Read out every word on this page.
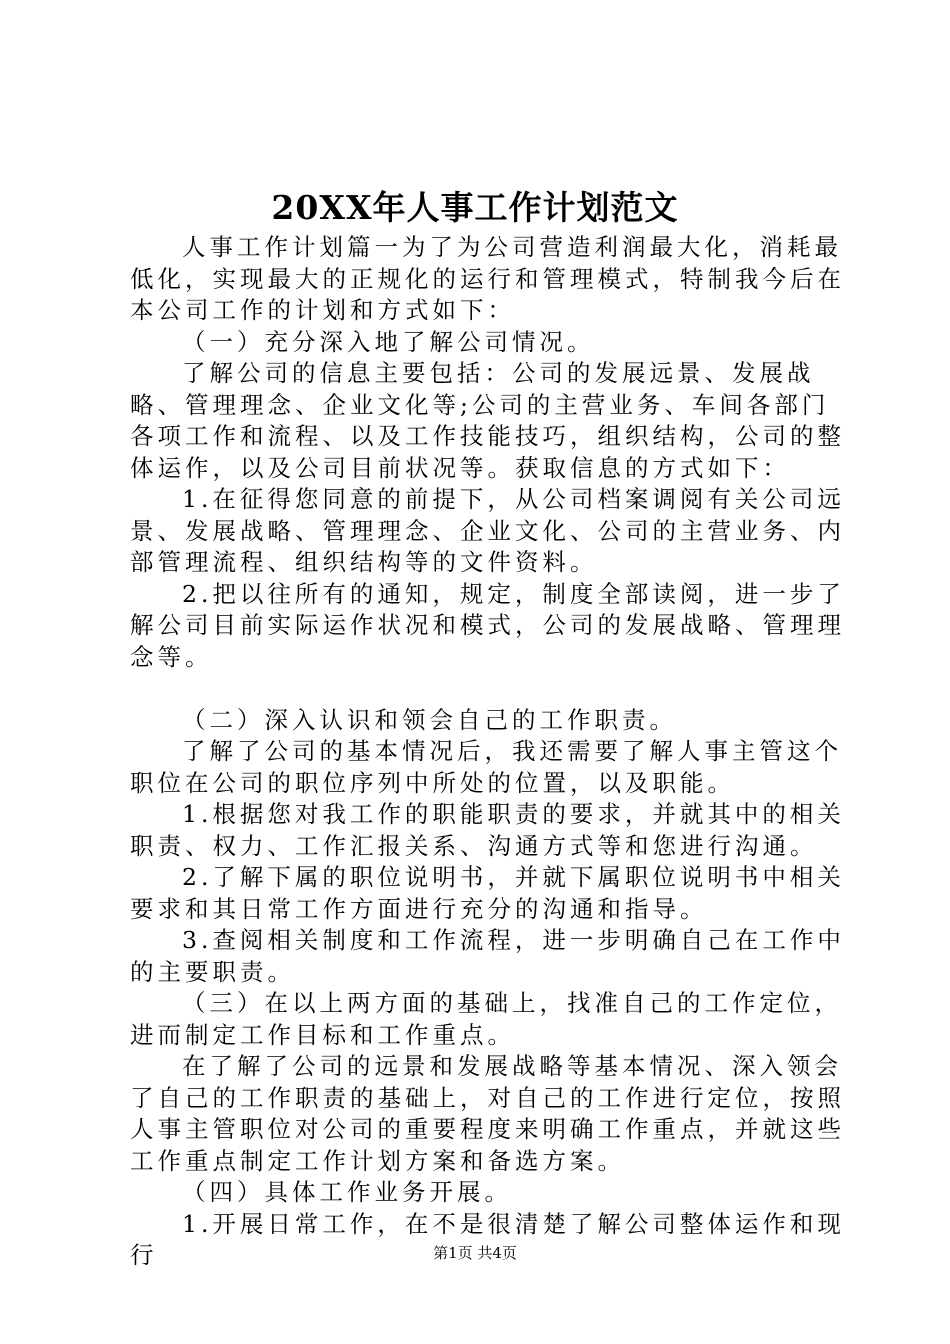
20XX年人事工作计划范文

人事工作计划篇一为了为公司营造利润最大化，消耗最低化，实现最大的正规化的运行和管理模式，特制我今后在本公司工作的计划和方式如下：

（一）充分深入地了解公司情况。

了解公司的信息主要包括：公司的发展远景、发展战略、管理理念、企业文化等;公司的主营业务、车间各部门各项工作和流程、以及工作技能技巧，组织结构，公司的整体运作，以及公司目前状况等。获取信息的方式如下：

1.在征得您同意的前提下，从公司档案调阅有关公司远景、发展战略、管理理念、企业文化、公司的主营业务、内部管理流程、组织结构等的文件资料。

2.把以往所有的通知，规定，制度全部读阅，进一步了解公司目前实际运作状况和模式，公司的发展战略、管理理念等。

（二）深入认识和领会自己的工作职责。

了解了公司的基本情况后，我还需要了解人事主管这个职位在公司的职位序列中所处的位置，以及职能。

1.根据您对我工作的职能职责的要求，并就其中的相关职责、权力、工作汇报关系、沟通方式等和您进行沟通。

2.了解下属的职位说明书，并就下属职位说明书中相关要求和其日常工作方面进行充分的沟通和指导。

3.查阅相关制度和工作流程，进一步明确自己在工作中的主要职责。

（三）在以上两方面的基础上，找准自己的工作定位，进而制定工作目标和工作重点。

在了解了公司的远景和发展战略等基本情况、深入领会了自己的工作职责的基础上，对自己的工作进行定位，按照人事主管职位对公司的重要程度来明确工作重点，并就这些工作重点制定工作计划方案和备选方案。

（四）具体工作业务开展。

1.开展日常工作，在不是很清楚了解公司整体运作和现行	第1页 共4页
